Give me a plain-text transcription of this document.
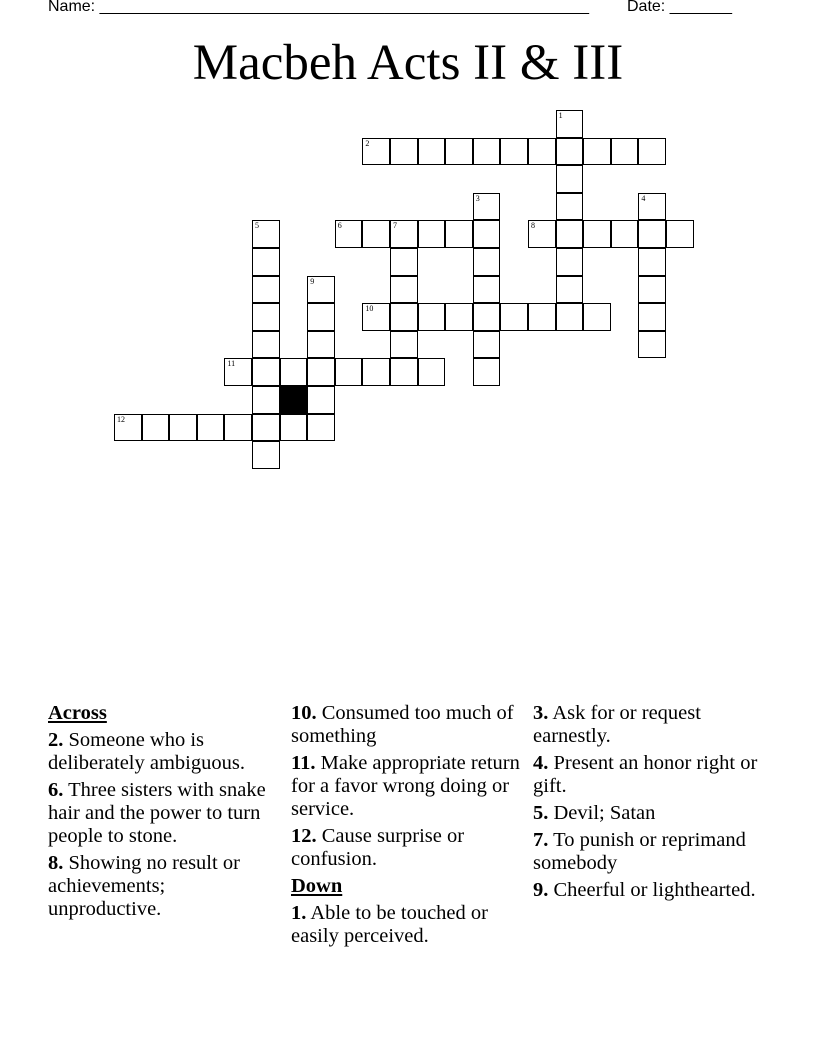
Name: _______________________________________________________ Date: _______
Macbeh Acts II & III
2
6	7	8
10
11
12
1
3	4
5
9
Across
2. Someone who is deliberately ambiguous.
6. Three sisters with snake hair and the power to turn people to stone.
8. Showing no result or achievements; unproductive.
10. Consumed too much of something
11. Make appropriate return for a favor wrong doing or service.
12. Cause surprise or confusion.
Down
1. Able to be touched or easily perceived.
3. Ask for or request earnestly.
4. Present an honor right or gift.
5. Devil; Satan
7. To punish or reprimand somebody
9. Cheerful or lighthearted.
